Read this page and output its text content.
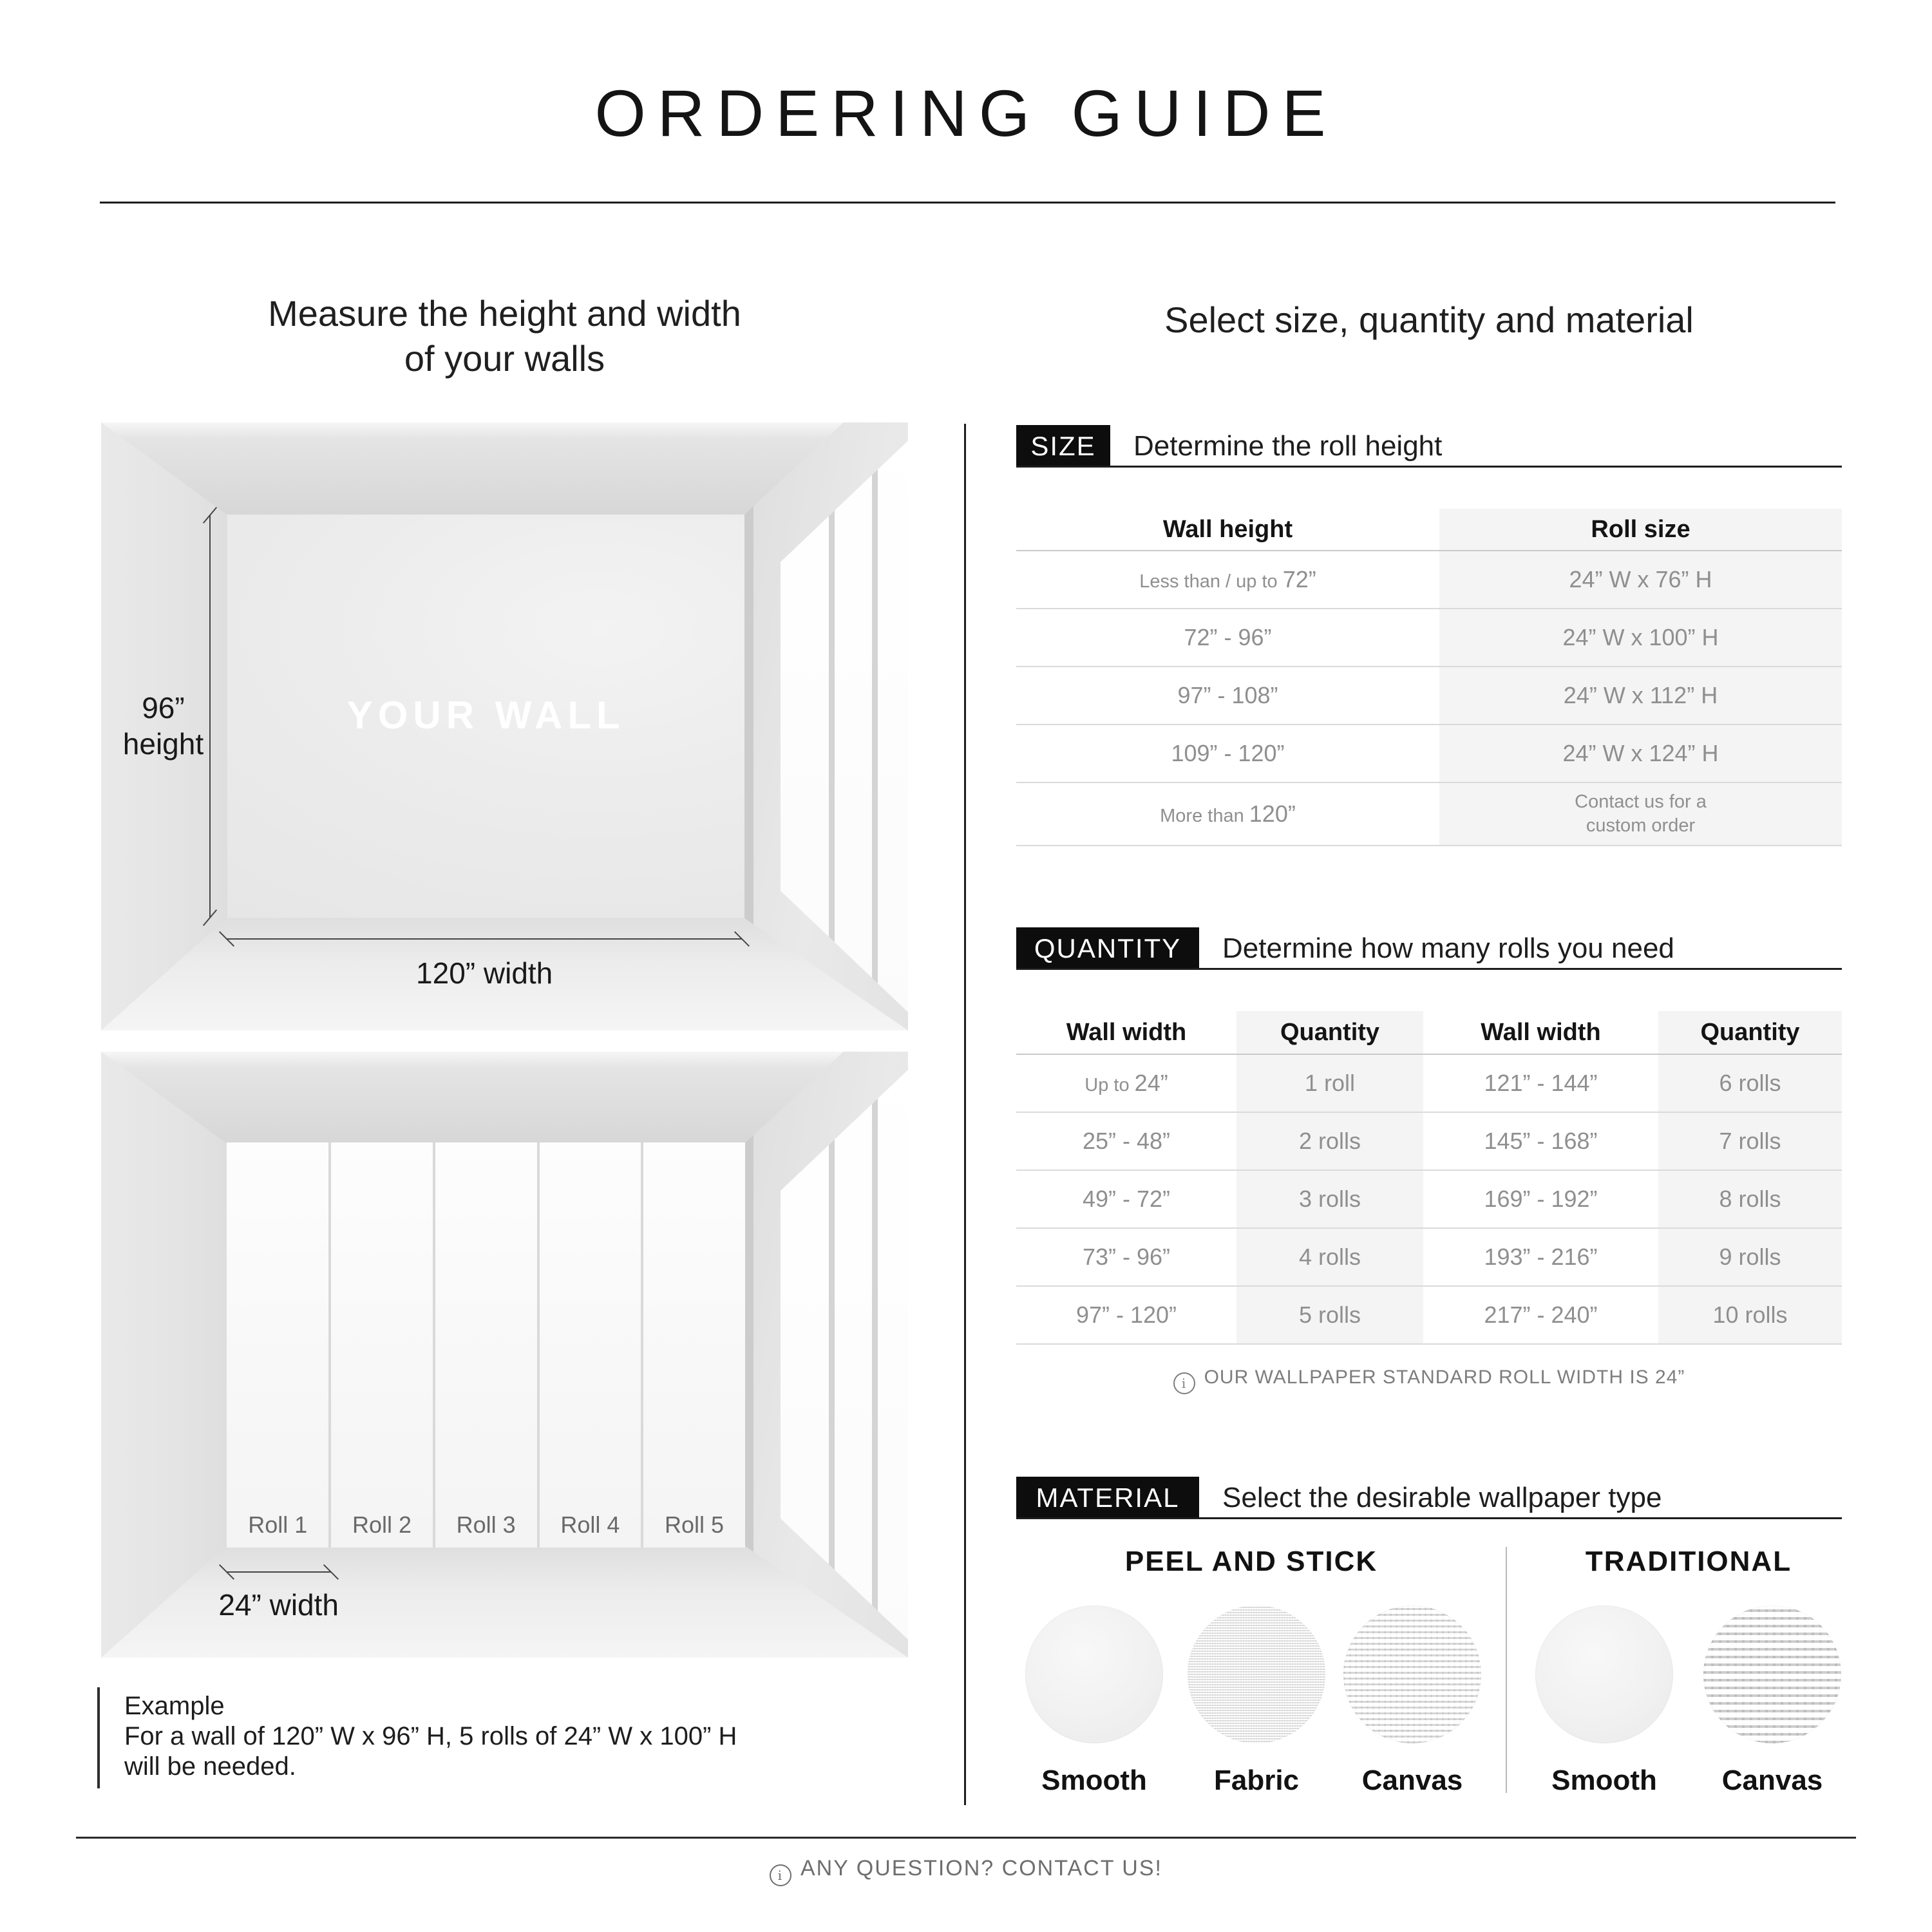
ORDERING GUIDE
Measure the height and width
of your walls
Select size, quantity and material
YOUR WALL
96”
height
120” width
Roll 1	Roll 2	Roll 3	Roll 4	Roll 5
24” width
Example
For a wall of 120” W x 96” H, 5 rolls of 24” W x 100” H
will be needed.
SIZE	Determine the roll height
Wall height	Roll size
Less than / up to 72”	24” W x 76” H
72” - 96”	24” W x 100” H
97” - 108”	24” W x 112” H
109” - 120”	24” W x 124” H
More than 120”	Contact us for a
custom order
QUANTITY	Determine how many rolls you need
Wall width	Quantity	Wall width	Quantity
Up to 24”	1 roll	121” - 144”	6 rolls
25” - 48”	2 rolls	145” - 168”	7 rolls
49” - 72”	3 rolls	169” - 192”	8 rolls
73” - 96”	4 rolls	193” - 216”	9 rolls
97” - 120”	5 rolls	217” - 240”	10 rolls
i OUR WALLPAPER STANDARD ROLL WIDTH IS 24”
MATERIAL	Select the desirable wallpaper type
PEEL AND STICK	TRADITIONAL
Smooth	Fabric	Canvas	Smooth	Canvas
i ANY QUESTION? CONTACT US!
